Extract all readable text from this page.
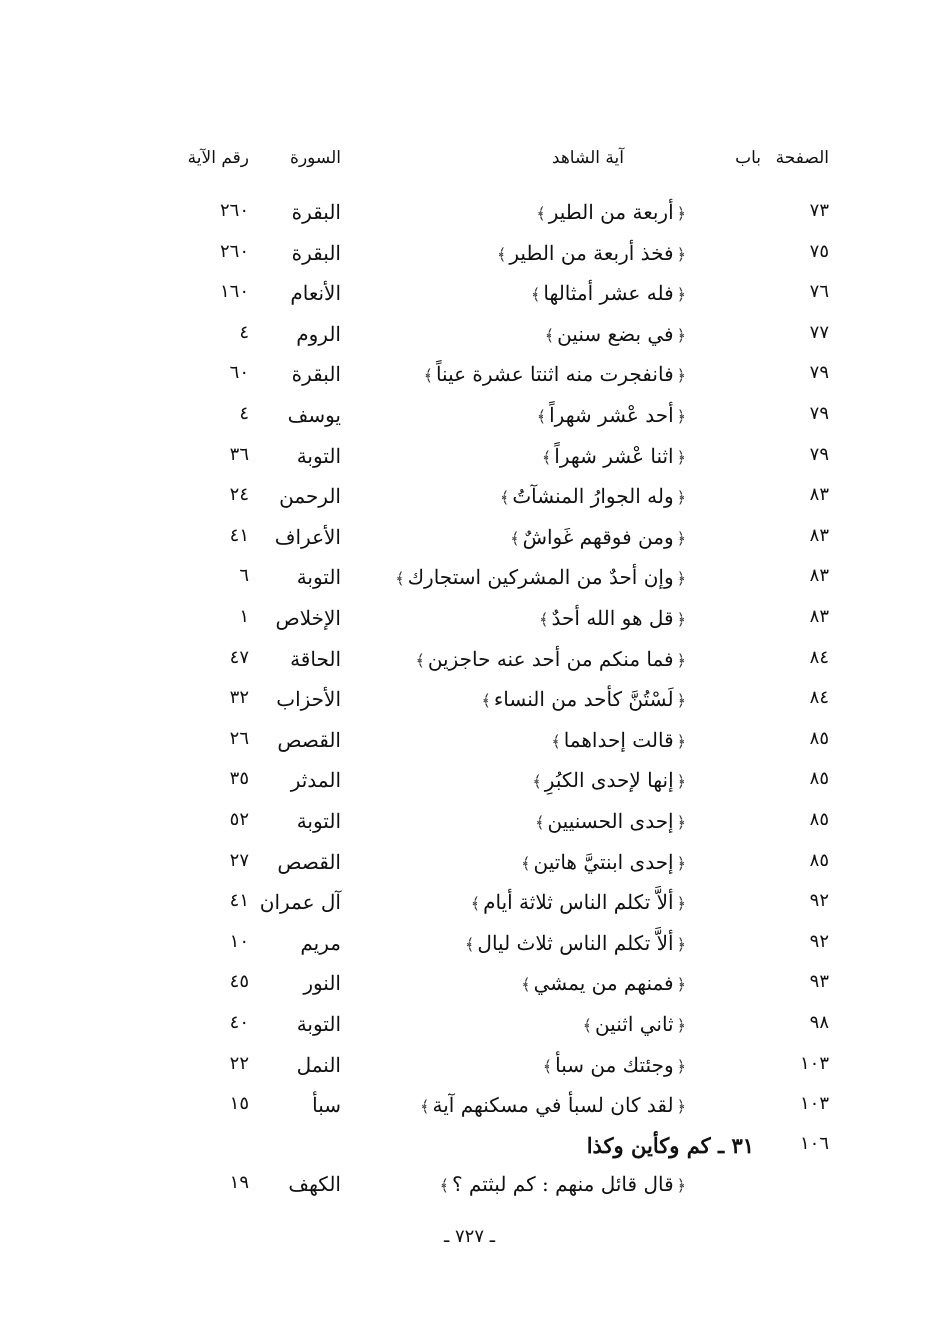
الصفحة
باب
آية الشاهد
السورة
رقم الآية
٧٣
﴿أربعة من الطير﴾
البقرة
٢٦٠
٧٥
﴿فخذ أربعة من الطير﴾
البقرة
٢٦٠
٧٦
﴿فله عشر أمثالها﴾
الأنعام
١٦٠
٧٧
﴿في بضع سنين﴾
الروم
٤
٧٩
﴿فانفجرت منه اثنتا عشرة عيناً﴾
البقرة
٦٠
٧٩
﴿أحد عْشر شهراً﴾
يوسف
٤
٧٩
﴿اثنا عْشر شهراً﴾
التوبة
٣٦
٨٣
﴿وله الجوارُ المنشآتُ﴾
الرحمن
٢٤
٨٣
﴿ومن فوقهم غَواشٌ﴾
الأعراف
٤١
٨٣
﴿وإن أحدٌ من المشركين استجارك﴾
التوبة
٦
٨٣
﴿قل هو الله أحدٌ﴾
الإخلاص
١
٨٤
﴿فما منكم من أحد عنه حاجزين﴾
الحاقة
٤٧
٨٤
﴿لَسْتُنَّ كأحد من النساء﴾
الأحزاب
٣٢
٨٥
﴿قالت إحداهما﴾
القصص
٢٦
٨٥
﴿إنها لإحدى الكبُرِ﴾
المدثر
٣٥
٨٥
﴿إحدى الحسنيين﴾
التوبة
٥٢
٨٥
﴿إحدى ابنتيَّ هاتين﴾
القصص
٢٧
٩٢
﴿ألاَّ تكلم الناس ثلاثة أيام﴾
آل عمران
٤١
٩٢
﴿ألاَّ تكلم الناس ثلاث ليال﴾
مريم
١٠
٩٣
﴿فمنهم من يمشي﴾
النور
٤٥
٩٨
﴿ثاني اثنين﴾
التوبة
٤٠
١٠٣
﴿وجئتك من سبأ﴾
النمل
٢٢
١٠٣
﴿لقد كان لسبأ في مسكنهم آية﴾
سبأ
١٥
١٠٦
٣١ ـ كم وكأين وكذا
﴿قال قائل منهم : كم لبثتم ؟﴾
الكهف
١٩
ـ ٧٢٧ ـ
